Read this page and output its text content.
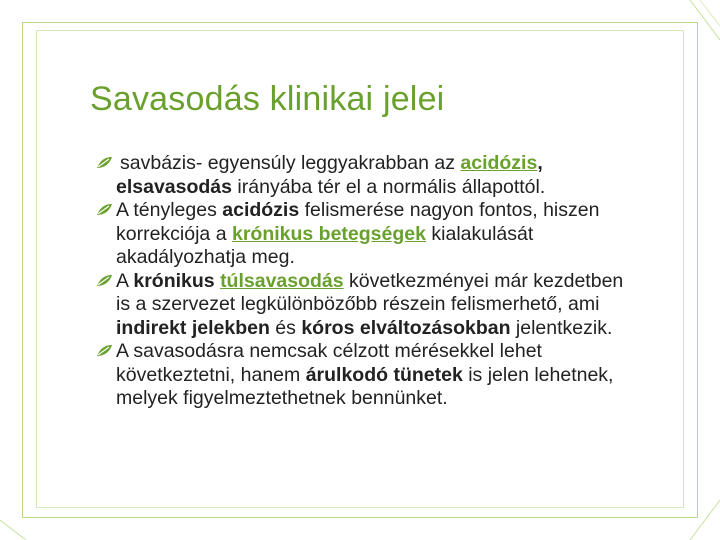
Savasodás klinikai jelei

savbázis- egyensúly leggyakrabban az acidózis,
elsavasodás irányába tér el a normális állapottól.

A tényleges acidózis felismerése nagyon fontos, hiszen korrekciója a krónikus betegségek kialakulását akadályozhatja meg.

A krónikus túlsavasodás következményei már kezdetben is a szervezet legkülönbözőbb részein felismerhető, ami indirekt jelekben és kóros elváltozásokban jelentkezik.

A savasodásra nemcsak célzott mérésekkel lehet következtetni, hanem árulkodó tünetek is jelen lehetnek, melyek figyelmeztethetnek bennünket.
